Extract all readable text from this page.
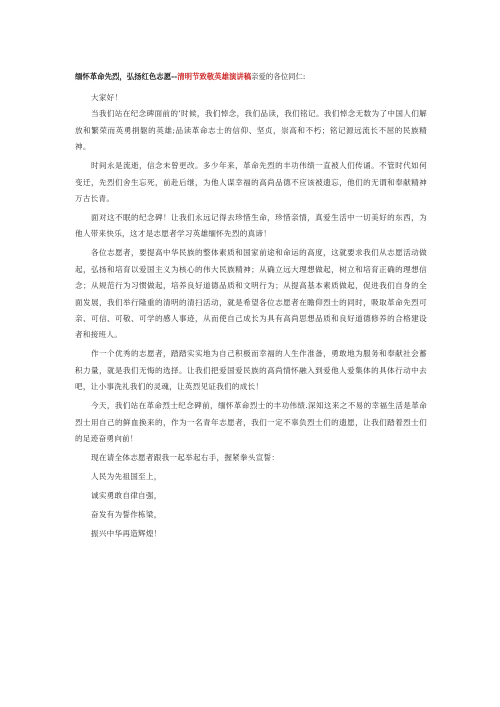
缅怀革命先烈，弘扬红色志愿--清明节致敬英雄演讲稿亲爱的各位同仁:

大家好！

当我们站在纪念碑面前的’时候，我们悼念，我们品读，我们铭记。我们悼念无数为了中国人们解放和繁荣而英勇捐躯的英雄;品读革命志士的信仰、坚贞，崇高和不朽；铭记源远流长不屈的民族精神。

时间永是流逝，信念未曾更改。多少年来，革命先烈的丰功伟绩一直被人们传诵。不管时代如何变迁，先烈们舍生忘死，前赴后继，为他人谋幸福的高尚品德不应该被遗忘，他们的无谓和奉献精神万古长青。

面对这不眠的纪念碑！让我们永远记得去珍惜生命，珍惜亲情，真爱生活中一切美好的东西，为他人带来快乐，这才是志愿者学习英雄缅怀先烈的真谛！

各位志愿者，要提高中华民族的整体素质和国家前途和命运的高度，这就要求我们从志愿活动做起，弘扬和培育以爱国主义为核心的伟大民族精神；从确立远大理想做起，树立和培育正确的理想信念；从规范行为习惯做起，培养良好道德品质和文明行为；从提高基本素质做起，促进我们自身的全面发展，我们举行隆重的清明的清扫活动，就是希望各位志愿者在瞻仰烈士的同时，吸取革命先烈可亲、可信、可敬、可学的感人事迹，从而使自己成长为具有高尚思想品质和良好道德修养的合格建设者和接班人。

作一个优秀的志愿者，踏踏实实地为自己积极而幸福的人生作准备，勇敢地为服务和奉献社会蓄积力量，就是我们无悔的选择。让我们把爱国爱民族的高尚情怀融入到爱他人爱集体的具体行动中去吧，让小事洗礼我们的灵魂，让英烈见证我们的成长！

今天，我们站在革命烈士纪念碑前，缅怀革命烈士的丰功伟绩.深知这来之不易的幸福生活是革命烈士用自己的鲜血换来的，作为一名青年志愿者，我们一定不辜负烈士们的遗愿，让我们踏着烈士们的足迹奋勇向前！

现在请全体志愿者跟我一起举起右手，握紧拳头宣誓：

人民为先祖国至上，

诚实勇敢自律自强，

奋发有为誓作栋梁，

振兴中华再造辉煌！
